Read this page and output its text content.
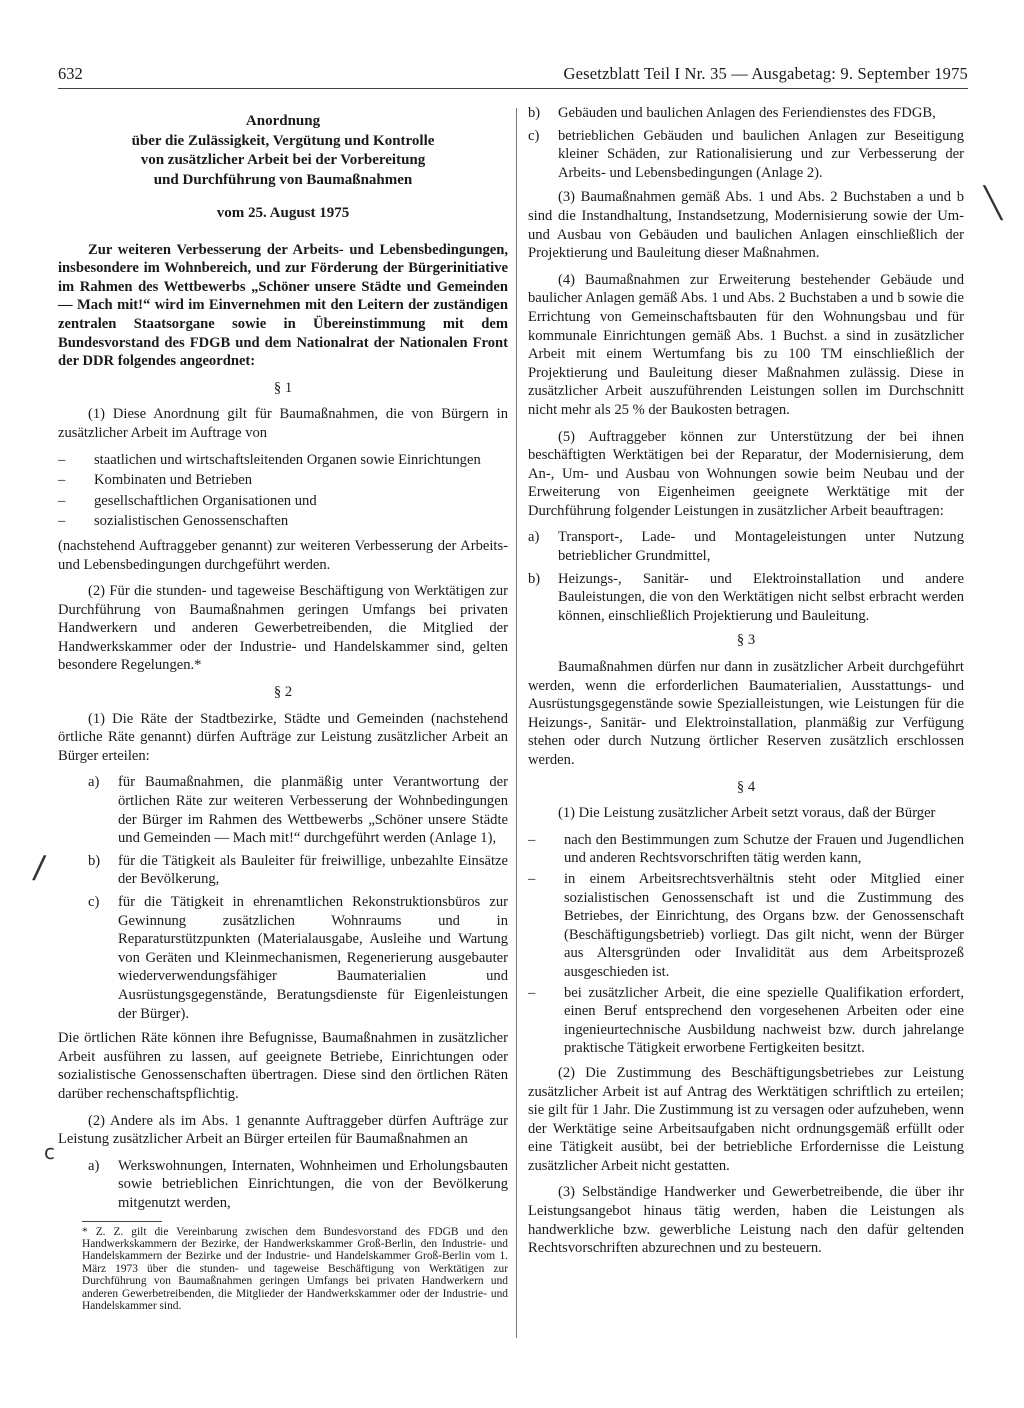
632	Gesetzblatt Teil I Nr. 35 — Ausgabetag: 9. September 1975
/
ⅽ
╲
Anordnung
über die Zulässigkeit, Vergütung und Kontrolle
von zusätzlicher Arbeit bei der Vorbereitung
und Durchführung von Baumaßnahmen
vom 25. August 1975

Zur weiteren Verbesserung der Arbeits- und Lebensbedingungen, insbesondere im Wohnbereich, und zur Förderung der Bürgerinitiative im Rahmen des Wettbewerbs „Schöner unsere Städte und Gemeinden — Mach mit!“ wird im Einvernehmen mit den Leitern der zuständigen zentralen Staatsorgane sowie in Übereinstimmung mit dem Bundesvorstand des FDGB und dem Nationalrat der Nationalen Front der DDR folgendes angeordnet:

§ 1

(1) Diese Anordnung gilt für Baumaßnahmen, die von Bürgern in zusätzlicher Arbeit im Auftrage von

– staatlichen und wirtschaftsleitenden Organen sowie Einrichtungen
– Kombinaten und Betrieben
– gesellschaftlichen Organisationen und
– sozialistischen Genossenschaften

(nachstehend Auftraggeber genannt) zur weiteren Verbesserung der Arbeits- und Lebensbedingungen durchgeführt werden.

(2) Für die stunden- und tageweise Beschäftigung von Werktätigen zur Durchführung von Baumaßnahmen geringen Umfangs bei privaten Handwerkern und anderen Gewerbetreibenden, die Mitglied der Handwerkskammer oder der Industrie- und Handelskammer sind, gelten besondere Regelungen.*

§ 2

(1) Die Räte der Stadtbezirke, Städte und Gemeinden (nachstehend örtliche Räte genannt) dürfen Aufträge zur Leistung zusätzlicher Arbeit an Bürger erteilen:

a) für Baumaßnahmen, die planmäßig unter Verantwortung der örtlichen Räte zur weiteren Verbesserung der Wohnbedingungen der Bürger im Rahmen des Wettbewerbs „Schöner unsere Städte und Gemeinden — Mach mit!“ durchgeführt werden (Anlage 1),
b) für die Tätigkeit als Bauleiter für freiwillige, unbezahlte Einsätze der Bevölkerung,
c) für die Tätigkeit in ehrenamtlichen Rekonstruktionsbüros zur Gewinnung zusätzlichen Wohnraums und in Reparaturstützpunkten (Materialausgabe, Ausleihe und Wartung von Geräten und Kleinmechanismen, Regenerierung ausgebauter wiederverwendungsfähiger Baumaterialien und Ausrüstungsgegenstände, Beratungsdienste für Eigenleistungen der Bürger).

Die örtlichen Räte können ihre Befugnisse, Baumaßnahmen in zusätzlicher Arbeit ausführen zu lassen, auf geeignete Betriebe, Einrichtungen oder sozialistische Genossenschaften übertragen. Diese sind den örtlichen Räten darüber rechenschaftspflichtig.

(2) Andere als im Abs. 1 genannte Auftraggeber dürfen Aufträge zur Leistung zusätzlicher Arbeit an Bürger erteilen für Baumaßnahmen an

a) Werkswohnungen, Internaten, Wohnheimen und Erholungsbauten sowie betrieblichen Einrichtungen, die von der Bevölkerung mitgenutzt werden,
* Z. Z. gilt die Vereinbarung zwischen dem Bundesvorstand des FDGB und den Handwerkskammern der Bezirke, der Handwerkskammer Groß-Berlin, den Industrie- und Handelskammern der Bezirke und der Industrie- und Handelskammer Groß-Berlin vom 1. März 1973 über die stunden- und tageweise Beschäftigung von Werktätigen zur Durchführung von Baumaßnahmen geringen Umfangs bei privaten Handwerkern und anderen Gewerbetreibenden, die Mitglieder der Handwerkskammer oder der Industrie- und Handelskammer sind.
b) Gebäuden und baulichen Anlagen des Feriendienstes des FDGB,
c) betrieblichen Gebäuden und baulichen Anlagen zur Beseitigung kleiner Schäden, zur Rationalisierung und zur Verbesserung der Arbeits- und Lebensbedingungen (Anlage 2).

(3) Baumaßnahmen gemäß Abs. 1 und Abs. 2 Buchstaben a und b sind die Instandhaltung, Instandsetzung, Modernisierung sowie der Um- und Ausbau von Gebäuden und baulichen Anlagen einschließlich der Projektierung und Bauleitung dieser Maßnahmen.

(4) Baumaßnahmen zur Erweiterung bestehender Gebäude und baulicher Anlagen gemäß Abs. 1 und Abs. 2 Buchstaben a und b sowie die Errichtung von Gemeinschaftsbauten für den Wohnungsbau und für kommunale Einrichtungen gemäß Abs. 1 Buchst. a sind in zusätzlicher Arbeit mit einem Wertumfang bis zu 100 TM einschließlich der Projektierung und Bauleitung dieser Maßnahmen zulässig. Diese in zusätzlicher Arbeit auszuführenden Leistungen sollen im Durchschnitt nicht mehr als 25 % der Baukosten betragen.

(5) Auftraggeber können zur Unterstützung der bei ihnen beschäftigten Werktätigen bei der Reparatur, der Modernisierung, dem An-, Um- und Ausbau von Wohnungen sowie beim Neubau und der Erweiterung von Eigenheimen geeignete Werktätige mit der Durchführung folgender Leistungen in zusätzlicher Arbeit beauftragen:

a) Transport-, Lade- und Montageleistungen unter Nutzung betrieblicher Grundmittel,
b) Heizungs-, Sanitär- und Elektroinstallation und andere Bauleistungen, die von den Werktätigen nicht selbst erbracht werden können, einschließlich Projektierung und Bauleitung.
§ 3

Baumaßnahmen dürfen nur dann in zusätzlicher Arbeit durchgeführt werden, wenn die erforderlichen Baumaterialien, Ausstattungs- und Ausrüstungsgegenstände sowie Spezialleistungen, wie Leistungen für die Heizungs-, Sanitär- und Elektroinstallation, planmäßig zur Verfügung stehen oder durch Nutzung örtlicher Reserven zusätzlich erschlossen werden.

§ 4

(1) Die Leistung zusätzlicher Arbeit setzt voraus, daß der Bürger

– nach den Bestimmungen zum Schutze der Frauen und Jugendlichen und anderen Rechtsvorschriften tätig werden kann,
– in einem Arbeitsrechtsverhältnis steht oder Mitglied einer sozialistischen Genossenschaft ist und die Zustimmung des Betriebes, der Einrichtung, des Organs bzw. der Genossenschaft (Beschäftigungsbetrieb) vorliegt. Das gilt nicht, wenn der Bürger aus Altersgründen oder Invalidität aus dem Arbeitsprozeß ausgeschieden ist.
– bei zusätzlicher Arbeit, die eine spezielle Qualifikation erfordert, einen Beruf entsprechend den vorgesehenen Arbeiten oder eine ingenieurtechnische Ausbildung nachweist bzw. durch jahrelange praktische Tätigkeit erworbene Fertigkeiten besitzt.

(2) Die Zustimmung des Beschäftigungsbetriebes zur Leistung zusätzlicher Arbeit ist auf Antrag des Werktätigen schriftlich zu erteilen; sie gilt für 1 Jahr. Die Zustimmung ist zu versagen oder aufzuheben, wenn der Werktätige seine Arbeitsaufgaben nicht ordnungsgemäß erfüllt oder eine Tätigkeit ausübt, bei der betriebliche Erfordernisse die Leistung zusätzlicher Arbeit nicht gestatten.

(3) Selbständige Handwerker und Gewerbetreibende, die über ihr Leistungsangebot hinaus tätig werden, haben die Leistungen als handwerkliche bzw. gewerbliche Leistung nach den dafür geltenden Rechtsvorschriften abzurechnen und zu besteuern.
